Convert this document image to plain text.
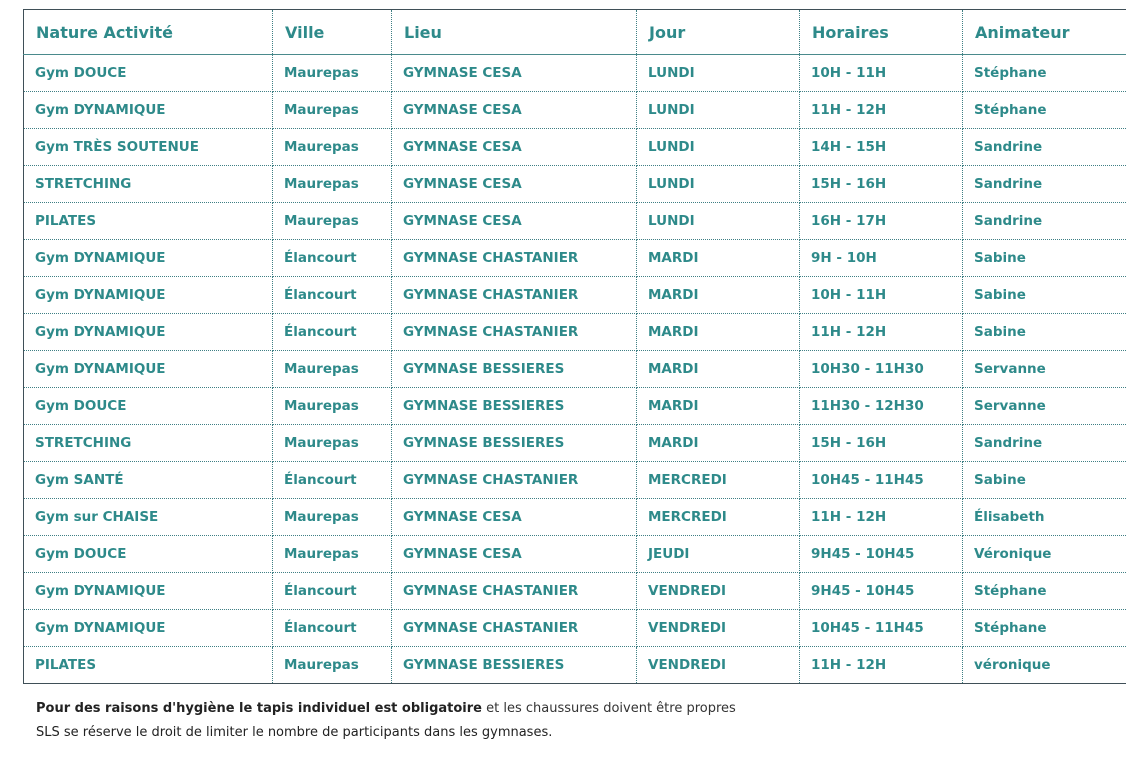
Nature Activité	Ville	Lieu	Jour	Horaires	Animateur
Gym DOUCE	Maurepas	GYMNASE CESA	LUNDI	10H - 11H	Stéphane
Gym DYNAMIQUE	Maurepas	GYMNASE CESA	LUNDI	11H - 12H	Stéphane
Gym TRÈS SOUTENUE	Maurepas	GYMNASE CESA	LUNDI	14H - 15H	Sandrine
STRETCHING	Maurepas	GYMNASE CESA	LUNDI	15H - 16H	Sandrine
PILATES	Maurepas	GYMNASE CESA	LUNDI	16H - 17H	Sandrine
Gym DYNAMIQUE	Élancourt	GYMNASE CHASTANIER	MARDI	9H - 10H	Sabine
Gym DYNAMIQUE	Élancourt	GYMNASE CHASTANIER	MARDI	10H - 11H	Sabine
Gym DYNAMIQUE	Élancourt	GYMNASE CHASTANIER	MARDI	11H - 12H	Sabine
Gym DYNAMIQUE	Maurepas	GYMNASE BESSIERES	MARDI	10H30 - 11H30	Servanne
Gym DOUCE	Maurepas	GYMNASE BESSIERES	MARDI	11H30 - 12H30	Servanne
STRETCHING	Maurepas	GYMNASE BESSIERES	MARDI	15H - 16H	Sandrine
Gym SANTÉ	Élancourt	GYMNASE CHASTANIER	MERCREDI	10H45 - 11H45	Sabine
Gym sur CHAISE	Maurepas	GYMNASE CESA	MERCREDI	11H - 12H	Élisabeth
Gym DOUCE	Maurepas	GYMNASE CESA	JEUDI	9H45 - 10H45	Véronique
Gym DYNAMIQUE	Élancourt	GYMNASE CHASTANIER	VENDREDI	9H45 - 10H45	Stéphane
Gym DYNAMIQUE	Élancourt	GYMNASE CHASTANIER	VENDREDI	10H45 - 11H45	Stéphane
PILATES	Maurepas	GYMNASE BESSIERES	VENDREDI	11H - 12H	véronique
Pour des raisons d'hygiène le tapis individuel est obligatoire et les chaussures doivent être propres
SLS se réserve le droit de limiter le nombre de participants dans les gymnases.
